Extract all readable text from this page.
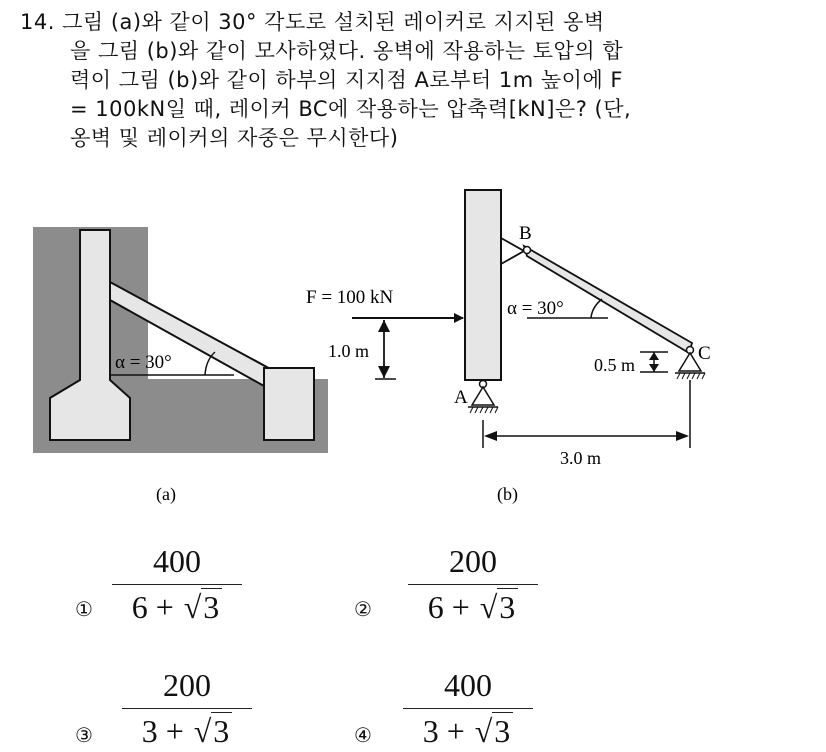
14. 그림 (a)와 같이 30° 각도로 설치된 레이커로 지지된 옹벽
을 그림 (b)와 같이 모사하였다. 옹벽에 작용하는 토압의 합
력이 그림 (b)와 같이 하부의 지지점 A로부터 1m 높이에 F
= 100kN일 때, 레이커 BC에 작용하는 압축력[kN]은? (단,
옹벽 및 레이커의 자중은 무시한다)
α = 30°
(a)
B
C
A
F = 100 kN
1.0 m
α = 30°
0.5 m
3.0 m
(b)
①
400
6 + √3	②
200
6 + √3
③
200
3 + √3	④
400
3 + √3
